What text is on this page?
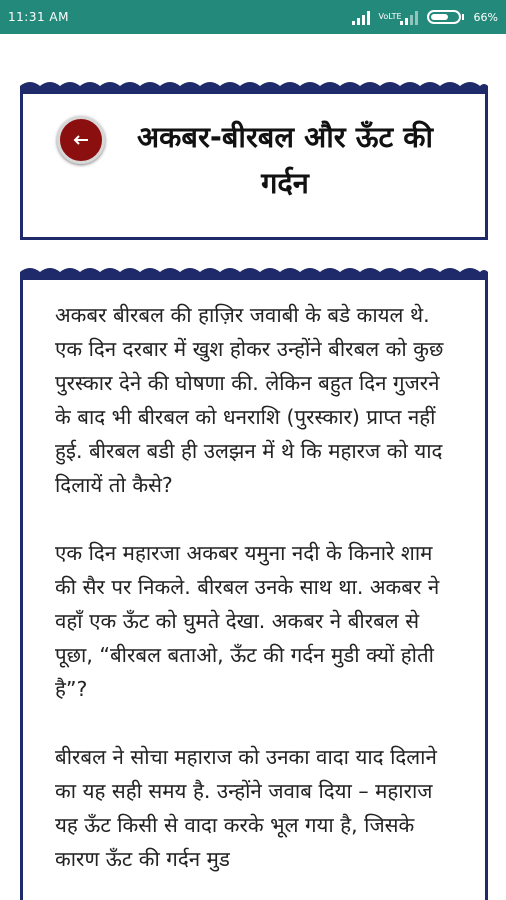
11:31 AM	VoLTE	66%
अकबर-बीरबल और ऊँट की गर्दन

अकबर बीरबल की हाज़िर जवाबी के बडे कायल थे. एक दिन दरबार में खुश होकर उन्होंने बीरबल को कुछ पुरस्कार देने की घोषणा की. लेकिन बहुत दिन गुजरने के बाद भी बीरबल को धनराशि (पुरस्कार) प्राप्त नहीं हुई. बीरबल बडी ही उलझन में थे कि महारज को याद दिलायें तो कैसे?

एक दिन महारजा अकबर यमुना नदी के किनारे शाम की सैर पर निकले. बीरबल उनके साथ था. अकबर ने वहाँ एक ऊँट को घुमते देखा. अकबर ने बीरबल से पूछा, “बीरबल बताओ, ऊँट की गर्दन मुडी क्यों होती है”?

बीरबल ने सोचा महाराज को उनका वादा याद दिलाने का यह सही समय है. उन्होंने जवाब दिया – महाराज यह ऊँट किसी से वादा करके भूल गया है, जिसके कारण ऊँट की गर्दन मुड
